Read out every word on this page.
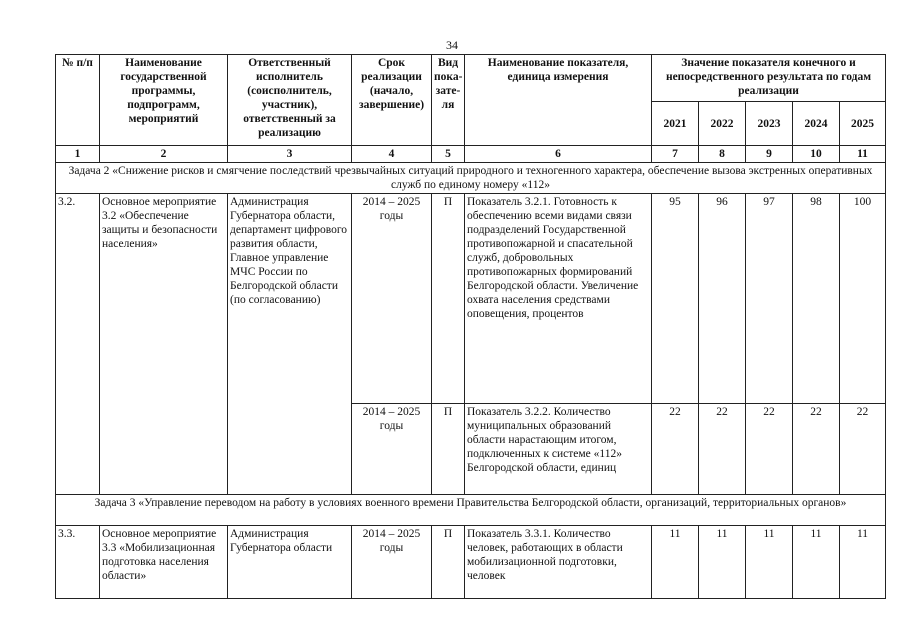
34
№ п/п	Наименование государственной программы, подпрограмм, мероприятий	Ответственный исполнитель (соисполнитель, участник), ответственный за реализацию	Срок реализации (начало, завершение)	Вид пока-зате-ля	Наименование показателя, единица измерения	Значение показателя конечного и непосредственного результата по годам реализации				
						2021	2022	2023	2024	2025
1	2	3	4	5	6	7	8	9	10	11
Задача 2 «Снижение рисков и смягчение последствий чрезвычайных ситуаций природного и техногенного характера, обеспечение вызова экстренных оперативных служб по единому номеру «112»										
3.2.	Основное мероприятие 3.2 «Обеспечение защиты и безопасности населения»	Администрация Губернатора области, департамент цифрового развития области, Главное управление МЧС России по Белгородской области (по согласованию)	2014 – 2025 годы	П	Показатель 3.2.1. Готовность к обеспечению всеми видами связи подразделений Государственной противопожарной и спасательной служб, добровольных противопожарных формирований Белгородской области. Увеличение охвата населения средствами оповещения, процентов	95	96	97	98	100
			2014 – 2025 годы	П	Показатель 3.2.2. Количество муниципальных образований области нарастающим итогом, подключенных к системе «112» Белгородской области, единиц	22	22	22	22	22
Задача 3 «Управление переводом на работу в условиях военного времени Правительства Белгородской области, организаций, территориальных органов»										
3.3.	Основное мероприятие 3.3 «Мобилизационная подготовка населения области»	Администрация Губернатора области	2014 – 2025 годы	П	Показатель 3.3.1. Количество человек, работающих в области мобилизационной подготовки, человек	11	11	11	11	11
